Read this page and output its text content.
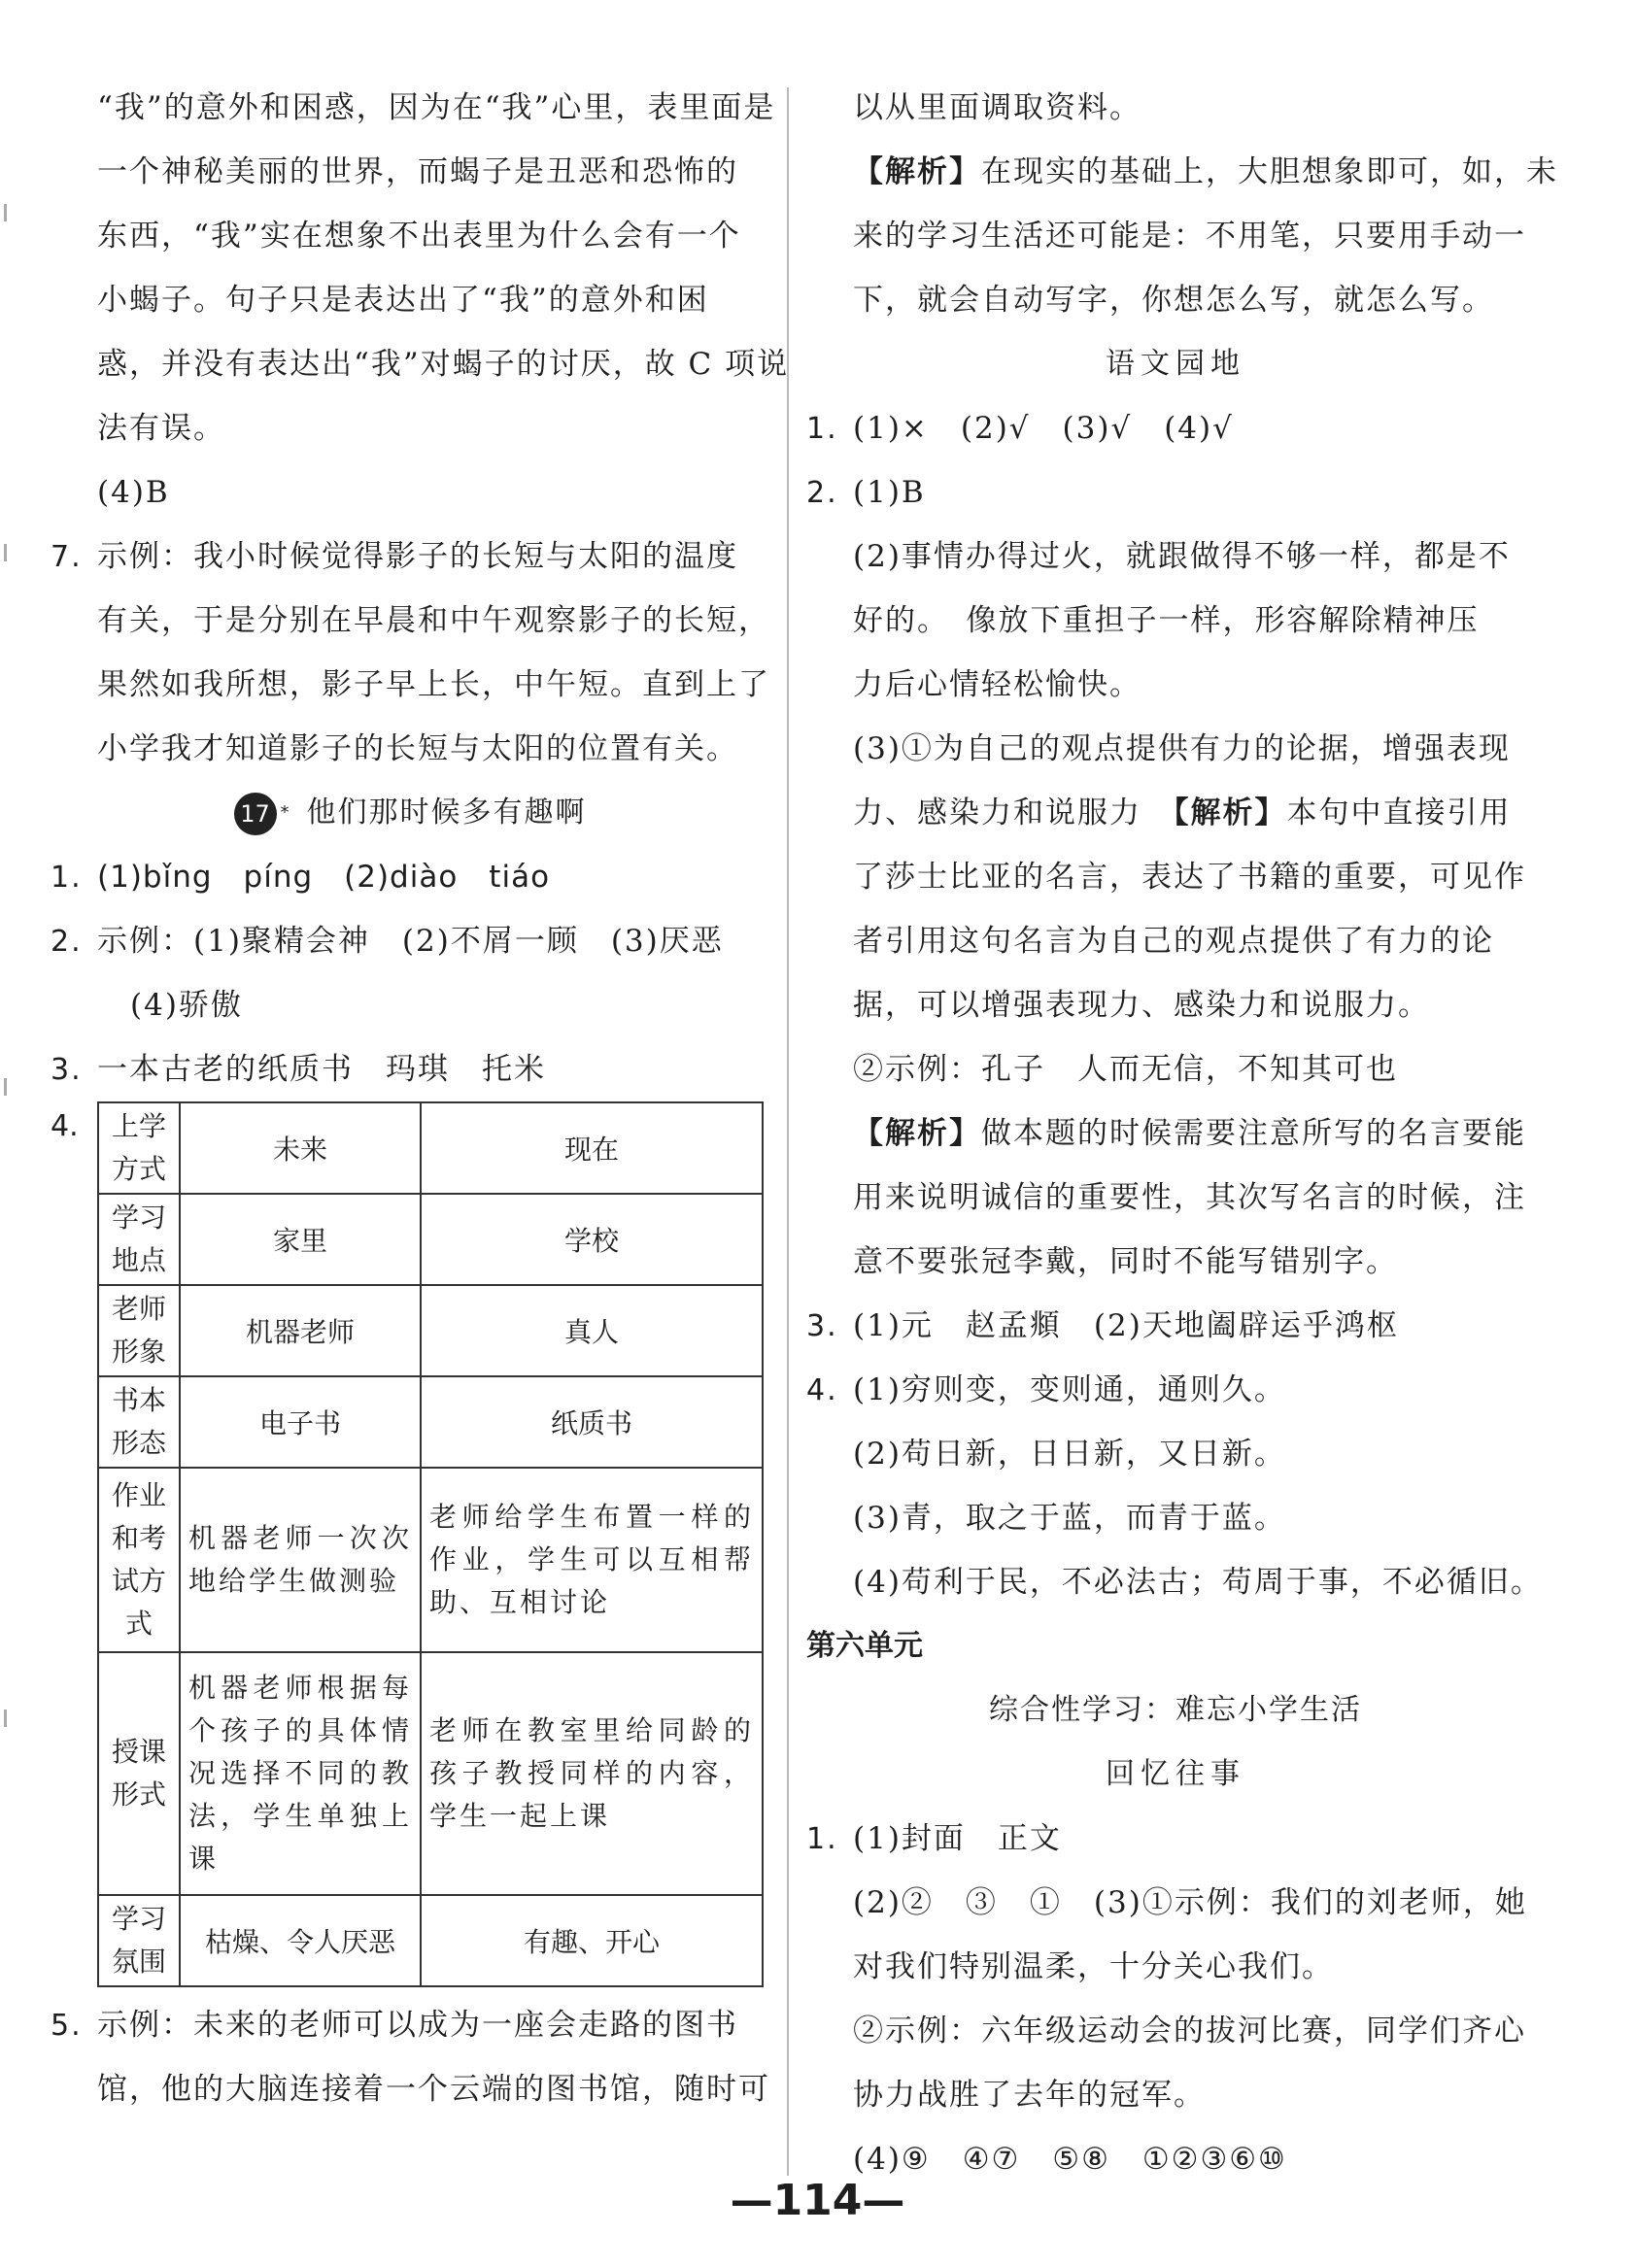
“我”的意外和困惑，因为在“我”心里，表里面是
一个神秘美丽的世界，而蝎子是丑恶和恐怖的
东西，“我”实在想象不出表里为什么会有一个
小蝎子。句子只是表达出了“我”的意外和困
惑，并没有表达出“我”对蝎子的讨厌，故 C 项说
法有误。
(4)B
7. 示例：我小时候觉得影子的长短与太阳的温度
有关，于是分别在早晨和中午观察影子的长短，
果然如我所想，影子早上长，中午短。直到上了
小学我才知道影子的长短与太阳的位置有关。
17 * 他们那时候多有趣啊
1. (1)bǐng　píng　(2)diào　tiáo
2. 示例：(1)聚精会神　(2)不屑一顾　(3)厌恶
(4)骄傲
3. 一本古老的纸质书　玛琪　托米
4.	上学方式	未来	现在
学习地点	家里	学校
老师形象	机器老师	真人
书本形态	电子书	纸质书
作业和考试方式	机器老师一次次地给学生做测验	老师给学生布置一样的作业，学生可以互相帮助、互相讨论
授课形式	机器老师根据每个孩子的具体情况选择不同的教法，学生单独上课	老师在教室里给同龄的孩子教授同样的内容，学生一起上课
学习氛围	枯燥、令人厌恶	有趣、开心
5. 示例：未来的老师可以成为一座会走路的图书
馆，他的大脑连接着一个云端的图书馆，随时可
以从里面调取资料。
【解析】在现实的基础上，大胆想象即可，如，未
来的学习生活还可能是：不用笔，只要用手动一
下，就会自动写字，你想怎么写，就怎么写。
语文园地
1. (1)×　(2)√　(3)√　(4)√
2. (1)B
(2)事情办得过火，就跟做得不够一样，都是不
好的。　像放下重担子一样，形容解除精神压
力后心情轻松愉快。
(3)①为自己的观点提供有力的论据，增强表现
力、感染力和说服力　【解析】本句中直接引用
了莎士比亚的名言，表达了书籍的重要，可见作
者引用这句名言为自己的观点提供了有力的论
据，可以增强表现力、感染力和说服力。
②示例：孔子　人而无信，不知其可也
【解析】做本题的时候需要注意所写的名言要能
用来说明诚信的重要性，其次写名言的时候，注
意不要张冠李戴，同时不能写错别字。
3. (1)元　赵孟頫　(2)天地阖辟运乎鸿枢
4. (1)穷则变，变则通，通则久。
(2)苟日新，日日新，又日新。
(3)青，取之于蓝，而青于蓝。
(4)苟利于民，不必法古；苟周于事，不必循旧。
第六单元
综合性学习：难忘小学生活
回忆往事
1. (1)封面　正文
(2)②　③　①　(3)①示例：我们的刘老师，她
对我们特别温柔，十分关心我们。
②示例：六年级运动会的拔河比赛，同学们齐心
协力战胜了去年的冠军。
(4)⑨　④⑦　⑤⑧　①②③⑥⑩
—114—
